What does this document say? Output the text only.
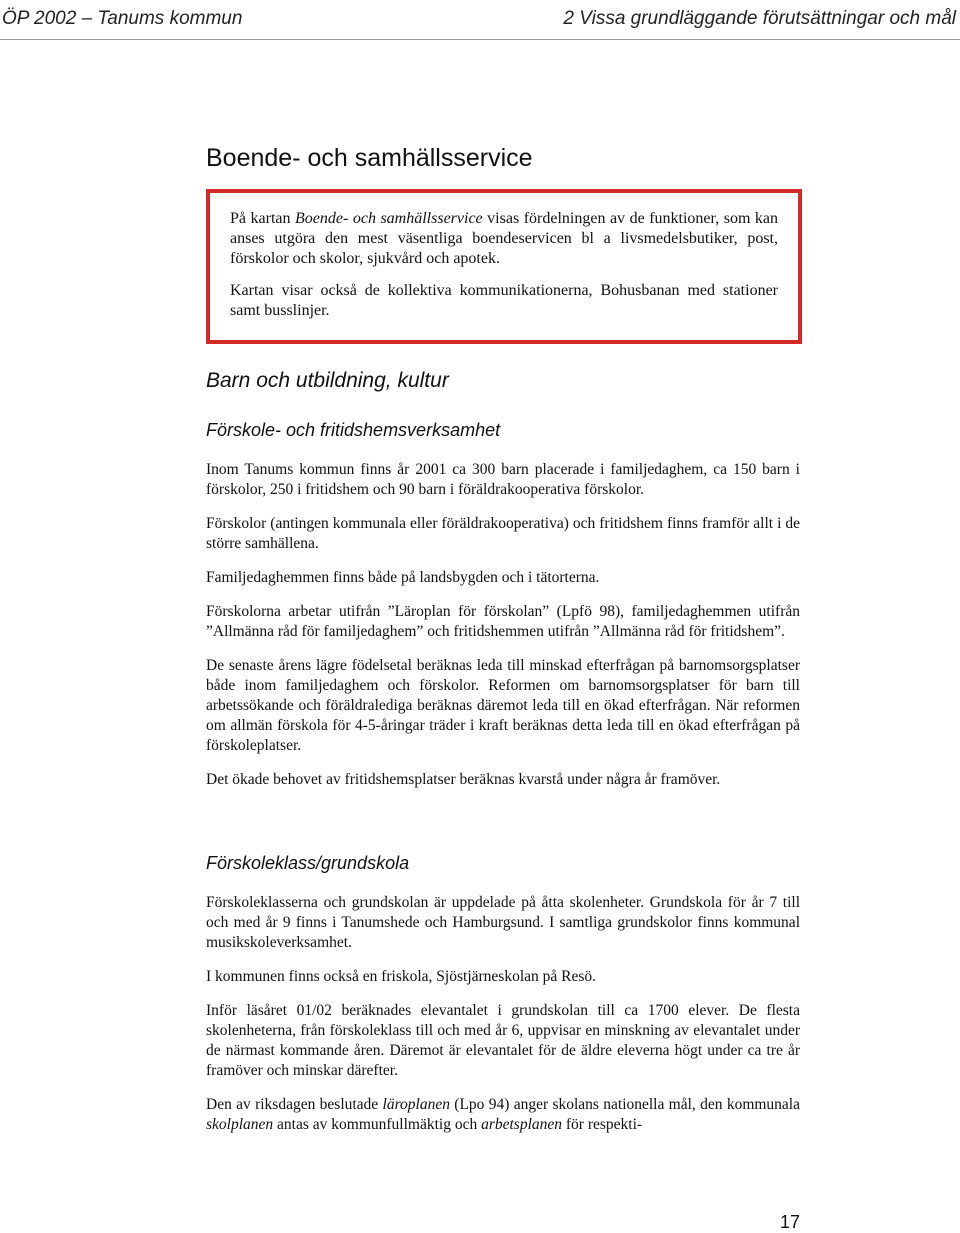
ÖP 2002 – Tanums kommun	2 Vissa grundläggande förutsättningar och mål
Boende- och samhällsservice

På kartan Boende- och samhällsservice visas fördelningen av de funktioner, som kan anses utgöra den mest väsentliga boendeservicen bl a livsmedelsbutiker, post, förskolor och skolor, sjukvård och apotek.

Kartan visar också de kollektiva kommunikationerna, Bohusbanan med stationer samt busslinjer.

Barn och utbildning, kultur
Förskole- och fritidshemsverksamhet

Inom Tanums kommun finns år 2001 ca 300 barn placerade i familjedaghem, ca 150 barn i förskolor, 250 i fritidshem och 90 barn i föräldrakooperativa förskolor.

Förskolor (antingen kommunala eller föräldrakooperativa) och fritidshem finns framför allt i de större samhällena.

Familjedaghemmen finns både på landsbygden och i tätorterna.

Förskolorna arbetar utifrån ”Läroplan för förskolan” (Lpfö 98), familjedaghemmen utifrån ”Allmänna råd för familjedaghem” och fritidshemmen utifrån ”Allmänna råd för fritidshem”.

De senaste årens lägre födelsetal beräknas leda till minskad efterfrågan på barnomsorgsplatser både inom familjedaghem och förskolor. Reformen om barnomsorgsplatser för barn till arbetssökande och föräldralediga beräknas däremot leda till en ökad efterfrågan. När reformen om allmän förskola för 4-5-åringar träder i kraft beräknas detta leda till en ökad efterfrågan på förskoleplatser.

Det ökade behovet av fritidshemsplatser beräknas kvarstå under några år framöver.

Förskoleklass/grundskola

Förskoleklasserna och grundskolan är uppdelade på åtta skolenheter. Grundskola för år 7 till och med år 9 finns i Tanumshede och Hamburgsund. I samtliga grundskolor finns kommunal musikskoleverksamhet.

I kommunen finns också en friskola, Sjöstjärneskolan på Resö.

Inför läsåret 01/02 beräknades elevantalet i grundskolan till ca 1700 elever. De flesta skolenheterna, från förskoleklass till och med år 6, uppvisar en minskning av elevantalet under de närmast kommande åren. Däremot är elevantalet för de äldre eleverna högt under ca tre år framöver och minskar därefter.

Den av riksdagen beslutade läroplanen (Lpo 94) anger skolans nationella mål, den kommunala skolplanen antas av kommunfullmäktig och arbetsplanen för respekti-

17
